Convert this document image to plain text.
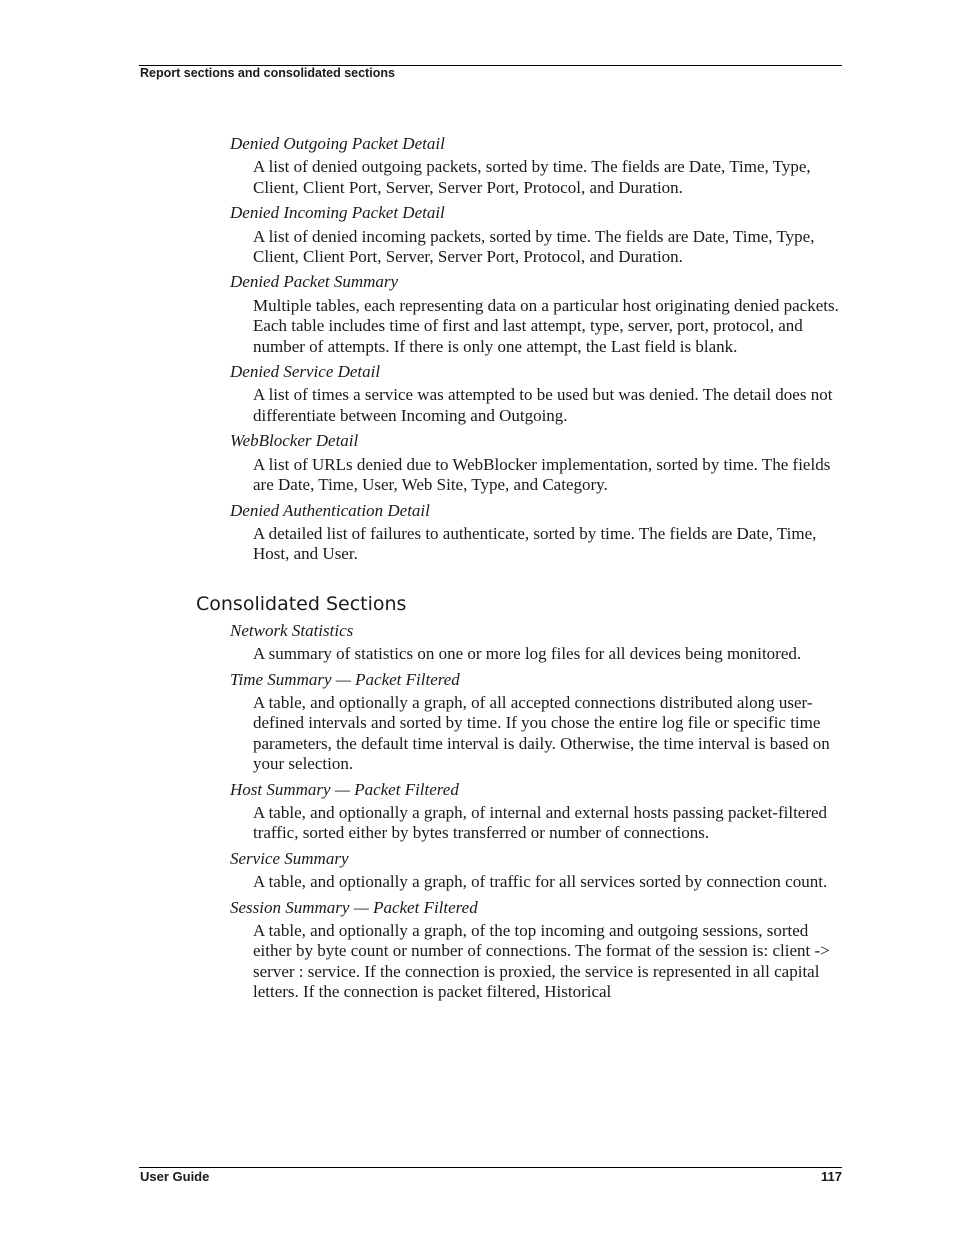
Report sections and consolidated sections
Denied Outgoing Packet Detail
A list of denied outgoing packets, sorted by time. The fields are Date, Time, Type, Client, Client Port, Server, Server Port, Protocol, and Duration.
Denied Incoming Packet Detail
A list of denied incoming packets, sorted by time. The fields are Date, Time, Type, Client, Client Port, Server, Server Port, Protocol, and Duration.
Denied Packet Summary
Multiple tables, each representing data on a particular host originating denied packets. Each table includes time of first and last attempt, type, server, port, protocol, and number of attempts. If there is only one attempt, the Last field is blank.
Denied Service Detail
A list of times a service was attempted to be used but was denied. The detail does not differentiate between Incoming and Outgoing.
WebBlocker Detail
A list of URLs denied due to WebBlocker implementation, sorted by time. The fields are Date, Time, User, Web Site, Type, and Category.
Denied Authentication Detail
A detailed list of failures to authenticate, sorted by time. The fields are Date, Time, Host, and User.
Consolidated Sections
Network Statistics
A summary of statistics on one or more log files for all devices being monitored.
Time Summary — Packet Filtered
A table, and optionally a graph, of all accepted connections distributed along user-defined intervals and sorted by time. If you chose the entire log file or specific time parameters, the default time interval is daily. Otherwise, the time interval is based on your selection.
Host Summary — Packet Filtered
A table, and optionally a graph, of internal and external hosts passing packet-filtered traffic, sorted either by bytes transferred or number of connections.
Service Summary
A table, and optionally a graph, of traffic for all services sorted by connection count.
Session Summary — Packet Filtered
A table, and optionally a graph, of the top incoming and outgoing sessions, sorted either by byte count or number of connections. The format of the session is: client -> server : service. If the connection is proxied, the service is represented in all capital letters. If the connection is packet filtered, Historical
User Guide	117
